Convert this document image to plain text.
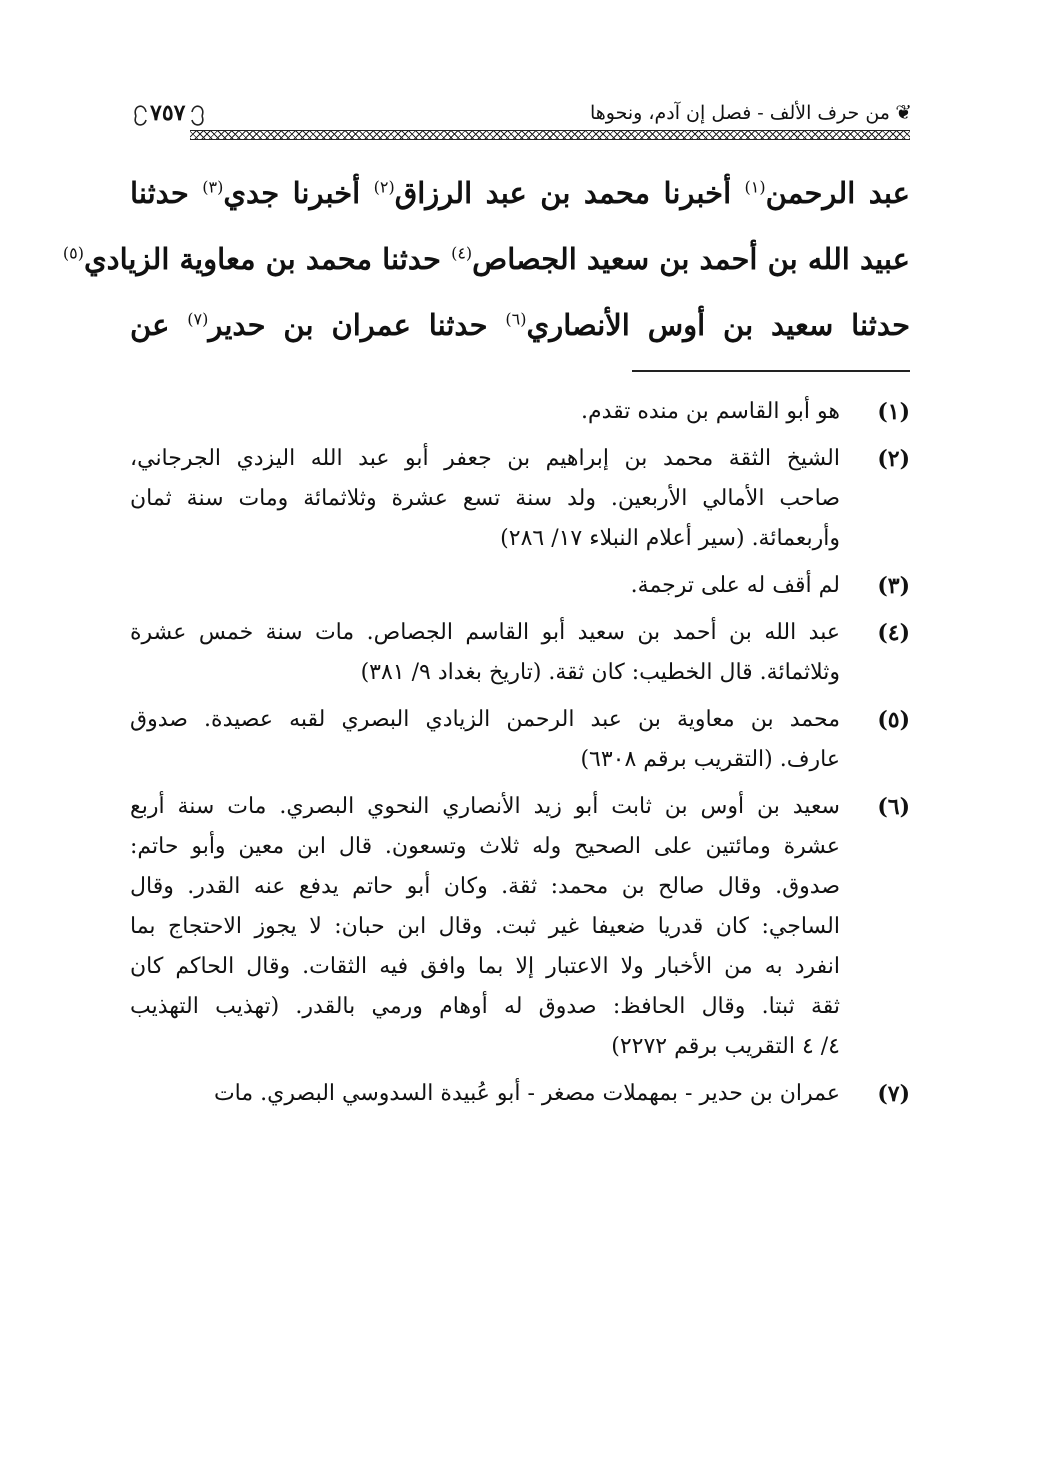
❦
من حرف الألف - فصل إن آدم، ونحوها
٧٥٧
عبد الرحمن$^{(١)}$ أخبرنا محمد بن عبد الرزاق$^{(٢)}$ أخبرنا جدي$^{(٣)}$ حدثنا
عبيد الله بن أحمد بن سعيد الجصاص$^{(٤)}$ حدثنا محمد بن معاوية الزيادي$^{(٥)}$
حدثنا سعيد بن أوس الأنصاري$^{(٦)}$ حدثنا عمران بن حدير$^{(٧)}$ عن
(١)
هو أبو القاسم بن منده تقدم.
(٢)
الشيخ الثقة محمد بن إبراهيم بن جعفر أبو عبد الله اليزدي الجرجاني،
صاحب الأمالي الأربعين. ولد سنة تسع عشرة وثلاثمائة ومات سنة ثمان
وأربعمائة. (سير أعلام النبلاء ١٧/ ٢٨٦)
(٣)
لم أقف له على ترجمة.
(٤)
عبد الله بن أحمد بن سعيد أبو القاسم الجصاص. مات سنة خمس عشرة
وثلاثمائة. قال الخطيب: كان ثقة. (تاريخ بغداد ٩/ ٣٨١)
(٥)
محمد بن معاوية بن عبد الرحمن الزيادي البصري لقبه عصيدة. صدوق
عارف. (التقريب برقم ٦٣٠٨)
(٦)
سعيد بن أوس بن ثابت أبو زيد الأنصاري النحوي البصري. مات سنة أربع
عشرة ومائتين على الصحيح وله ثلاث وتسعون. قال ابن معين وأبو حاتم:
صدوق. وقال صالح بن محمد: ثقة. وكان أبو حاتم يدفع عنه القدر. وقال
الساجي: كان قدريا ضعيفا غير ثبت. وقال ابن حبان: لا يجوز الاحتجاج بما
انفرد به من الأخبار ولا الاعتبار إلا بما وافق فيه الثقات. وقال الحاكم كان
ثقة ثبتا. وقال الحافظ: صدوق له أوهام ورمي بالقدر. (تهذيب التهذيب
٤/ ٤ التقريب برقم ٢٢٧٢)
(٧)
عمران بن حدير - بمهملات مصغر - أبو عُبيدة السدوسي البصري. مات
